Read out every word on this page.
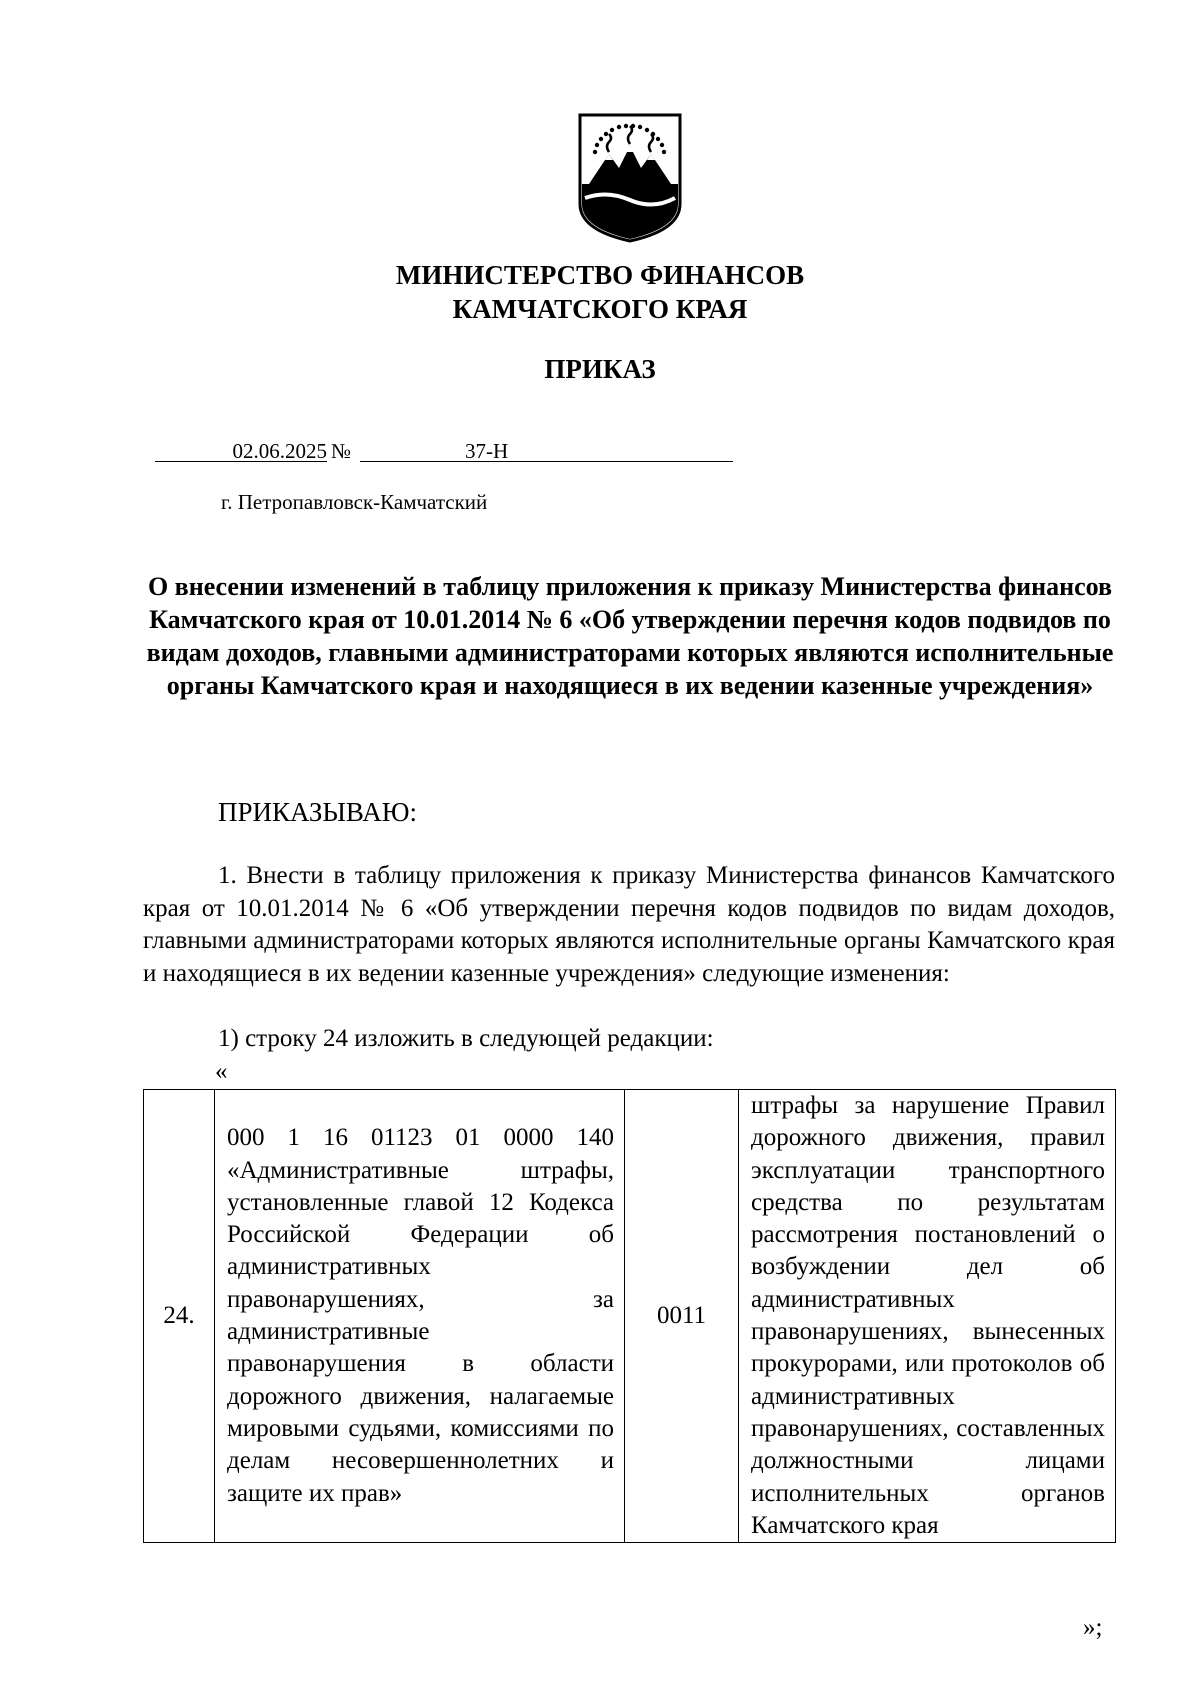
МИНИСТЕРСТВО ФИНАНСОВ
КАМЧАТСКОГО КРАЯ
ПРИКАЗ
02.06.2025 №	37-Н
г. Петропавловск-Камчатский
О внесении изменений в таблицу приложения к приказу Министерства финансов Камчатского края от 10.01.2014 № 6 «Об утверждении перечня кодов подвидов по видам доходов, главными администраторами которых являются исполнительные органы Камчатского края и находящиеся в их ведении казенные учреждения»
ПРИКАЗЫВАЮ:
1. Внести в таблицу приложения к приказу Министерства финансов Камчатского края от 10.01.2014 № 6 «Об утверждении перечня кодов подвидов по видам доходов, главными администраторами которых являются исполнительные органы Камчатского края и находящиеся в их ведении казенные учреждения» следующие изменения:
1) строку 24 изложить в следующей редакции:
«
24.	000 1 16 01123 01 0000 140 «Административные штрафы, установленные главой 12 Кодекса Российской Федерации об административных правонарушениях, за административные правонарушения в области дорожного движения, налагаемые мировыми судьями, комиссиями по делам несовершеннолетних и защите их прав»	0011	штрафы за нарушение Правил дорожного движения, правил эксплуатации транспортного средства по результатам рассмотрения постановлений о возбуждении дел об административных правонарушениях, вынесенных прокурорами, или протоколов об административных правонарушениях, составленных должностными лицами исполнительных органов Камчатского края
»;
